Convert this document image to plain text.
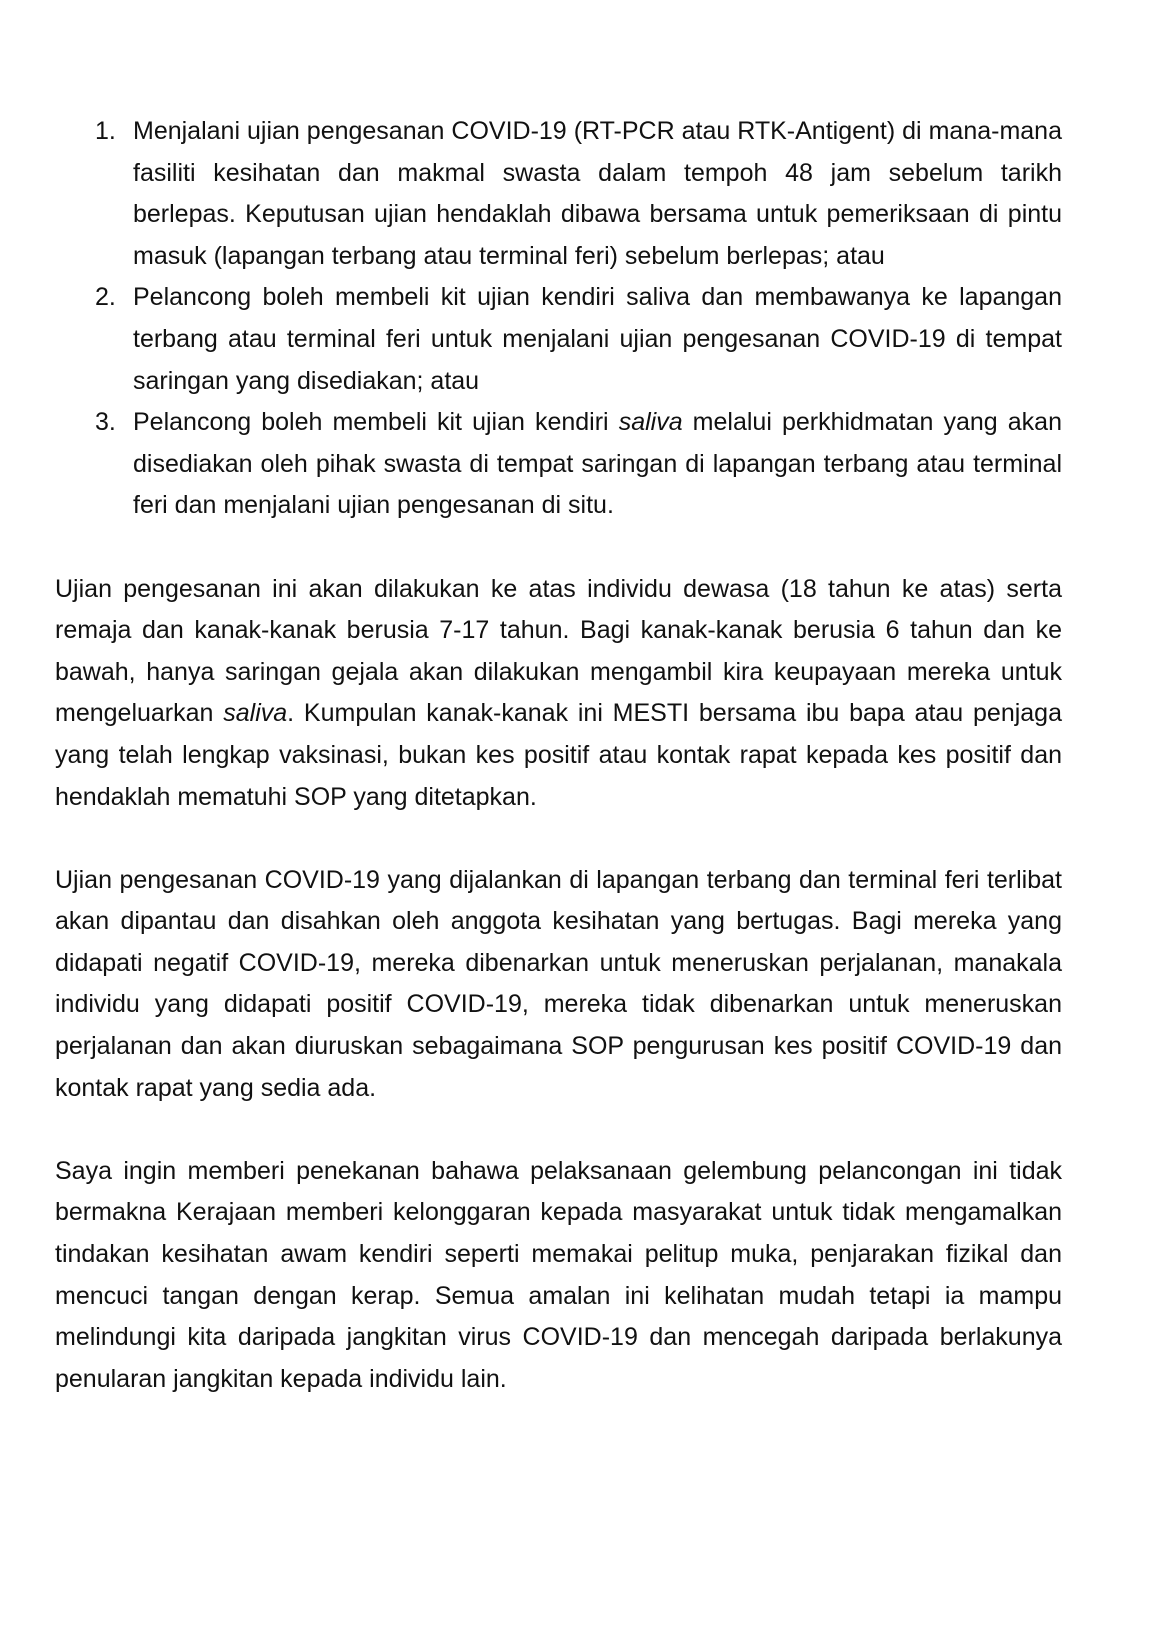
1. Menjalani ujian pengesanan COVID-19 (RT-PCR atau RTK-Antigent) di mana-mana fasiliti kesihatan dan makmal swasta dalam tempoh 48 jam sebelum tarikh berlepas. Keputusan ujian hendaklah dibawa bersama untuk pemeriksaan di pintu masuk (lapangan terbang atau terminal feri) sebelum berlepas; atau
2. Pelancong boleh membeli kit ujian kendiri saliva dan membawanya ke lapangan terbang atau terminal feri untuk menjalani ujian pengesanan COVID-19 di tempat saringan yang disediakan; atau
3. Pelancong boleh membeli kit ujian kendiri saliva melalui perkhidmatan yang akan disediakan oleh pihak swasta di tempat saringan di lapangan terbang atau terminal feri dan menjalani ujian pengesanan di situ.

Ujian pengesanan ini akan dilakukan ke atas individu dewasa (18 tahun ke atas) serta remaja dan kanak-kanak berusia 7-17 tahun. Bagi kanak-kanak berusia 6 tahun dan ke bawah, hanya saringan gejala akan dilakukan mengambil kira keupayaan mereka untuk mengeluarkan saliva. Kumpulan kanak-kanak ini MESTI bersama ibu bapa atau penjaga yang telah lengkap vaksinasi, bukan kes positif atau kontak rapat kepada kes positif dan hendaklah mematuhi SOP yang ditetapkan.

Ujian pengesanan COVID-19 yang dijalankan di lapangan terbang dan terminal feri terlibat akan dipantau dan disahkan oleh anggota kesihatan yang bertugas. Bagi mereka yang didapati negatif COVID-19, mereka dibenarkan untuk meneruskan perjalanan, manakala individu yang didapati positif COVID-19, mereka tidak dibenarkan untuk meneruskan perjalanan dan akan diuruskan sebagaimana SOP pengurusan kes positif COVID-19 dan kontak rapat yang sedia ada.

Saya ingin memberi penekanan bahawa pelaksanaan gelembung pelancongan ini tidak bermakna Kerajaan memberi kelonggaran kepada masyarakat untuk tidak mengamalkan tindakan kesihatan awam kendiri seperti memakai pelitup muka, penjarakan fizikal dan mencuci tangan dengan kerap. Semua amalan ini kelihatan mudah tetapi ia mampu melindungi kita daripada jangkitan virus COVID-19 dan mencegah daripada berlakunya penularan jangkitan kepada individu lain.
